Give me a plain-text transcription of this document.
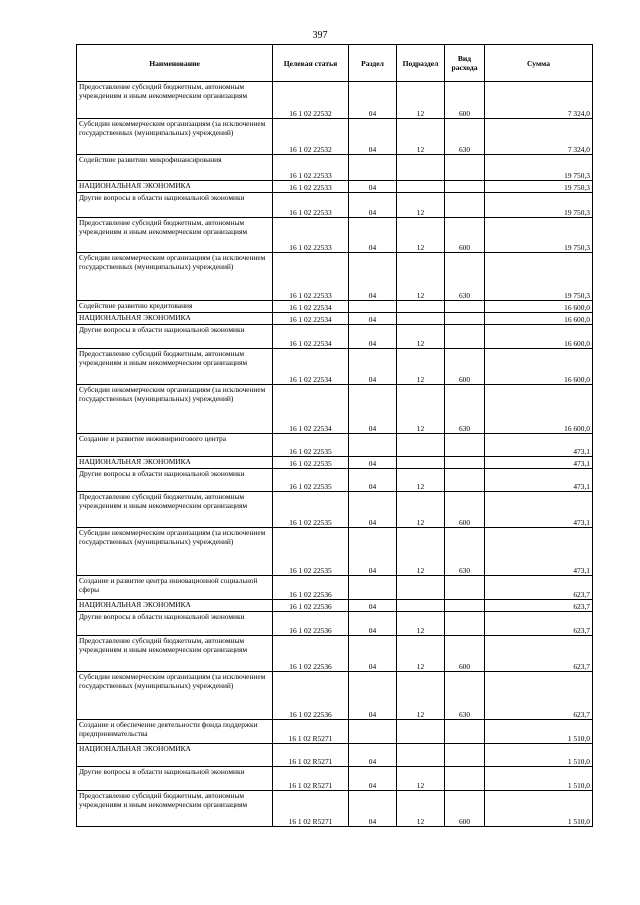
397
Наименование	Целевая статья	Раздел	Подраздел	Вид расхода	Сумма
Предоставление субсидий бюджетным, автономным учреждениям и иным некоммерческим организациям	16 1 02 22532	04	12	600	7 324,0
Субсидии некоммерческим организациям (за исключением государственных (муниципальных) учреждений)	16 1 02 22532	04	12	630	7 324,0
Содействие развитию микрофинансирования	16 1 02 22533				19 750,3
НАЦИОНАЛЬНАЯ ЭКОНОМИКА	16 1 02 22533	04			19 750,3
Другие вопросы в области национальной экономики	16 1 02 22533	04	12		19 750,3
Предоставление субсидий бюджетным, автономным учреждениям и иным некоммерческим организациям	16 1 02 22533	04	12	600	19 750,3
Субсидии некоммерческим организациям (за исключением государственных (муниципальных) учреждений)	16 1 02 22533	04	12	630	19 750,3
Содействие развитию кредитования	16 1 02 22534				16 600,0
НАЦИОНАЛЬНАЯ ЭКОНОМИКА	16 1 02 22534	04			16 600,0
Другие вопросы в области национальной экономики	16 1 02 22534	04	12		16 600,0
Предоставление субсидий бюджетным, автономным учреждениям и иным некоммерческим организациям	16 1 02 22534	04	12	600	16 600,0
Субсидии некоммерческим организациям (за исключением государственных (муниципальных) учреждений)	16 1 02 22534	04	12	630	16 600,0
Создание и развитие инжинирингового центра	16 1 02 22535				473,1
НАЦИОНАЛЬНАЯ ЭКОНОМИКА	16 1 02 22535	04			473,1
Другие вопросы в области национальной экономики	16 1 02 22535	04	12		473,1
Предоставление субсидий бюджетным, автономным учреждениям и иным некоммерческим организациям	16 1 02 22535	04	12	600	473,1
Субсидии некоммерческим организациям (за исключением государственных (муниципальных) учреждений)	16 1 02 22535	04	12	630	473,1
Создание и развитие центра инновационной социальной сферы	16 1 02 22536				623,7
НАЦИОНАЛЬНАЯ ЭКОНОМИКА	16 1 02 22536	04			623,7
Другие вопросы в области национальной экономики	16 1 02 22536	04	12		623,7
Предоставление субсидий бюджетным, автономным учреждениям и иным некоммерческим организациям	16 1 02 22536	04	12	600	623,7
Субсидии некоммерческим организациям (за исключением государственных (муниципальных) учреждений)	16 1 02 22536	04	12	630	623,7
Создание и обеспечение деятельности фонда поддержки предпринимательства	16 1 02 R5271				1 510,0
НАЦИОНАЛЬНАЯ ЭКОНОМИКА	16 1 02 R5271	04			1 510,0
Другие вопросы в области национальной экономики	16 1 02 R5271	04	12		1 510,0
Предоставление субсидий бюджетным, автономным учреждениям и иным некоммерческим организациям	16 1 02 R5271	04	12	600	1 510,0
